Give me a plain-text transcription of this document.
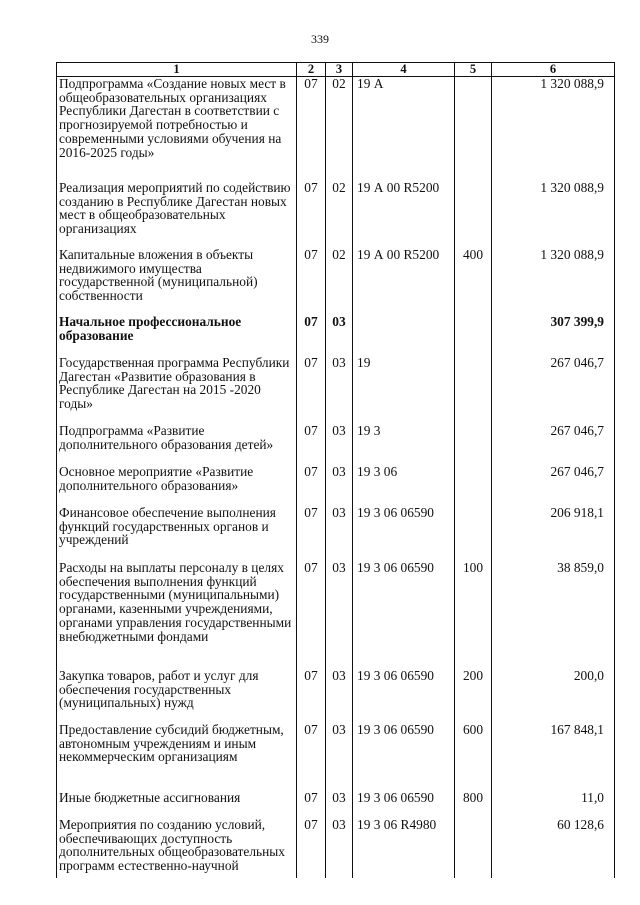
339
1	2	3	4	5	6
Подпрограмма «Создание новых мест в общеобразовательных организациях Республики Дагестан в соответствии с прогнозируемой потребностью и современными условиями обучения на 2016-2025 годы»	07	02	19 А		1 320 088,9
Реализация мероприятий по содействию созданию в Республике Дагестан новых мест в общеобразовательных организациях	07	02	19 А 00 R5200		1 320 088,9
Капитальные вложения в объекты недвижимого имущества государственной (муниципальной) собственности	07	02	19 А 00 R5200	400	1 320 088,9
Начальное профессиональное образование	07	03			307 399,9
Государственная программа Республики Дагестан «Развитие образования в Республике Дагестан на 2015 -2020 годы»	07	03	19		267 046,7
Подпрограмма «Развитие дополнительного образования детей»	07	03	19 3		267 046,7
Основное мероприятие «Развитие дополнительного образования»	07	03	19 3 06		267 046,7
Финансовое обеспечение выполнения функций государственных органов и учреждений	07	03	19 3 06 06590		206 918,1
Расходы на выплаты персоналу в целях обеспечения выполнения функций государственными (муниципальными) органами, казенными учреждениями, органами управления государственными внебюджетными фондами	07	03	19 3 06 06590	100	38 859,0
Закупка товаров, работ и услуг для обеспечения государственных (муниципальных) нужд	07	03	19 3 06 06590	200	200,0
Предоставление субсидий бюджетным, автономным учреждениям и иным некоммерческим организациям	07	03	19 3 06 06590	600	167 848,1
Иные бюджетные ассигнования	07	03	19 3 06 06590	800	11,0
Мероприятия по созданию условий, обеспечивающих доступность дополнительных общеобразовательных программ естественно-научной	07	03	19 3 06 R4980		60 128,6
